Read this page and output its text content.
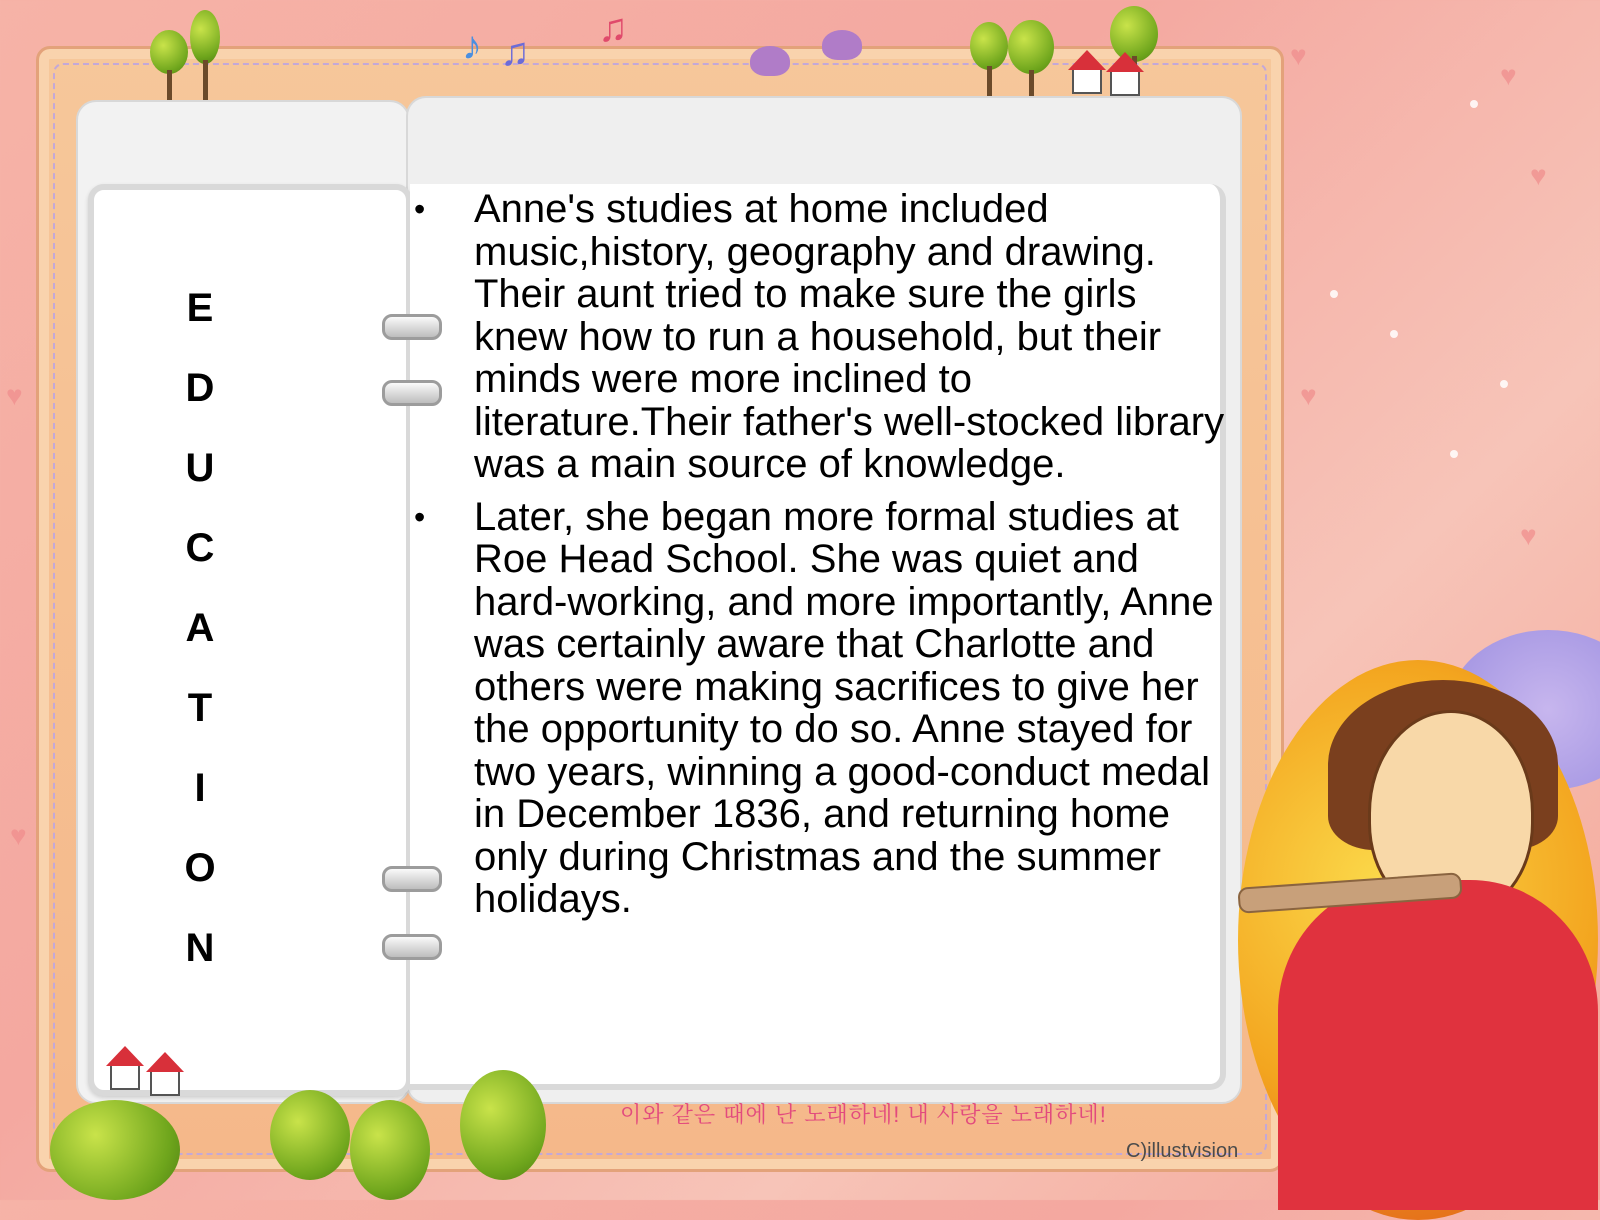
♥
♥
♥
♥
♥
♥
♥
♪ ♫
♫
E
D
U
C
A
T
I
O
N
• Anne's studies at home included music,history, geography and drawing. Their aunt tried to make sure the girls knew how to run a household, but their minds were more inclined to literature.Their father's well-stocked library was a main source of knowledge.
• Later, she began more formal studies at Roe Head School. She was quiet and hard-working, and more importantly, Anne was certainly aware that Charlotte and others were making sacrifices to give her the opportunity to do so. Anne stayed for two years, winning a good-conduct medal in December 1836, and returning home only during Christmas and the summer holidays.
이와 같은 때에 난 노래하네! 내 사랑을 노래하네!
C)illustvision
